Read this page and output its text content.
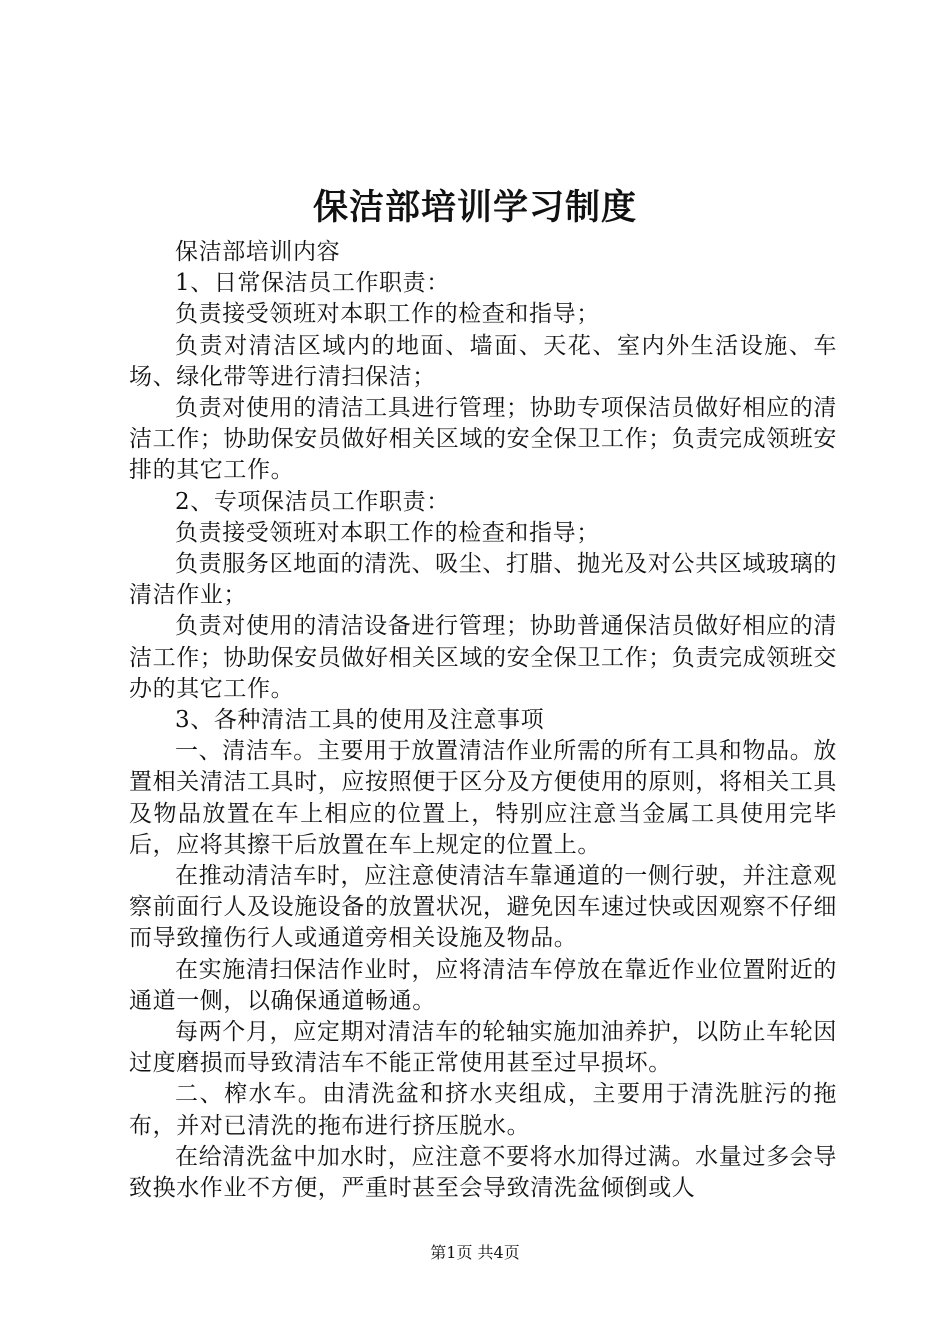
保洁部培训学习制度

保洁部培训内容

1、日常保洁员工作职责：

负责接受领班对本职工作的检查和指导；

负责对清洁区域内的地面、墙面、天花、室内外生活设施、车场、绿化带等进行清扫保洁；

负责对使用的清洁工具进行管理；协助专项保洁员做好相应的清洁工作；协助保安员做好相关区域的安全保卫工作；负责完成领班安排的其它工作。

2、专项保洁员工作职责：

负责接受领班对本职工作的检查和指导；

负责服务区地面的清洗、吸尘、打腊、抛光及对公共区域玻璃的清洁作业；

负责对使用的清洁设备进行管理；协助普通保洁员做好相应的清洁工作；协助保安员做好相关区域的安全保卫工作；负责完成领班交办的其它工作。

3、各种清洁工具的使用及注意事项

一、清洁车。主要用于放置清洁作业所需的所有工具和物品。放置相关清洁工具时，应按照便于区分及方便使用的原则，将相关工具及物品放置在车上相应的位置上，特别应注意当金属工具使用完毕后，应将其擦干后放置在车上规定的位置上。

在推动清洁车时，应注意使清洁车靠通道的一侧行驶，并注意观察前面行人及设施设备的放置状况，避免因车速过快或因观察不仔细而导致撞伤行人或通道旁相关设施及物品。

在实施清扫保洁作业时，应将清洁车停放在靠近作业位置附近的通道一侧，以确保通道畅通。

每两个月，应定期对清洁车的轮轴实施加油养护，以防止车轮因过度磨损而导致清洁车不能正常使用甚至过早损坏。

二、榨水车。由清洗盆和挤水夹组成，主要用于清洗脏污的拖布，并对已清洗的拖布进行挤压脱水。

在给清洗盆中加水时，应注意不要将水加得过满。水量过多会导致换水作业不方便，严重时甚至会导致清洗盆倾倒或人

第1页 共4页
